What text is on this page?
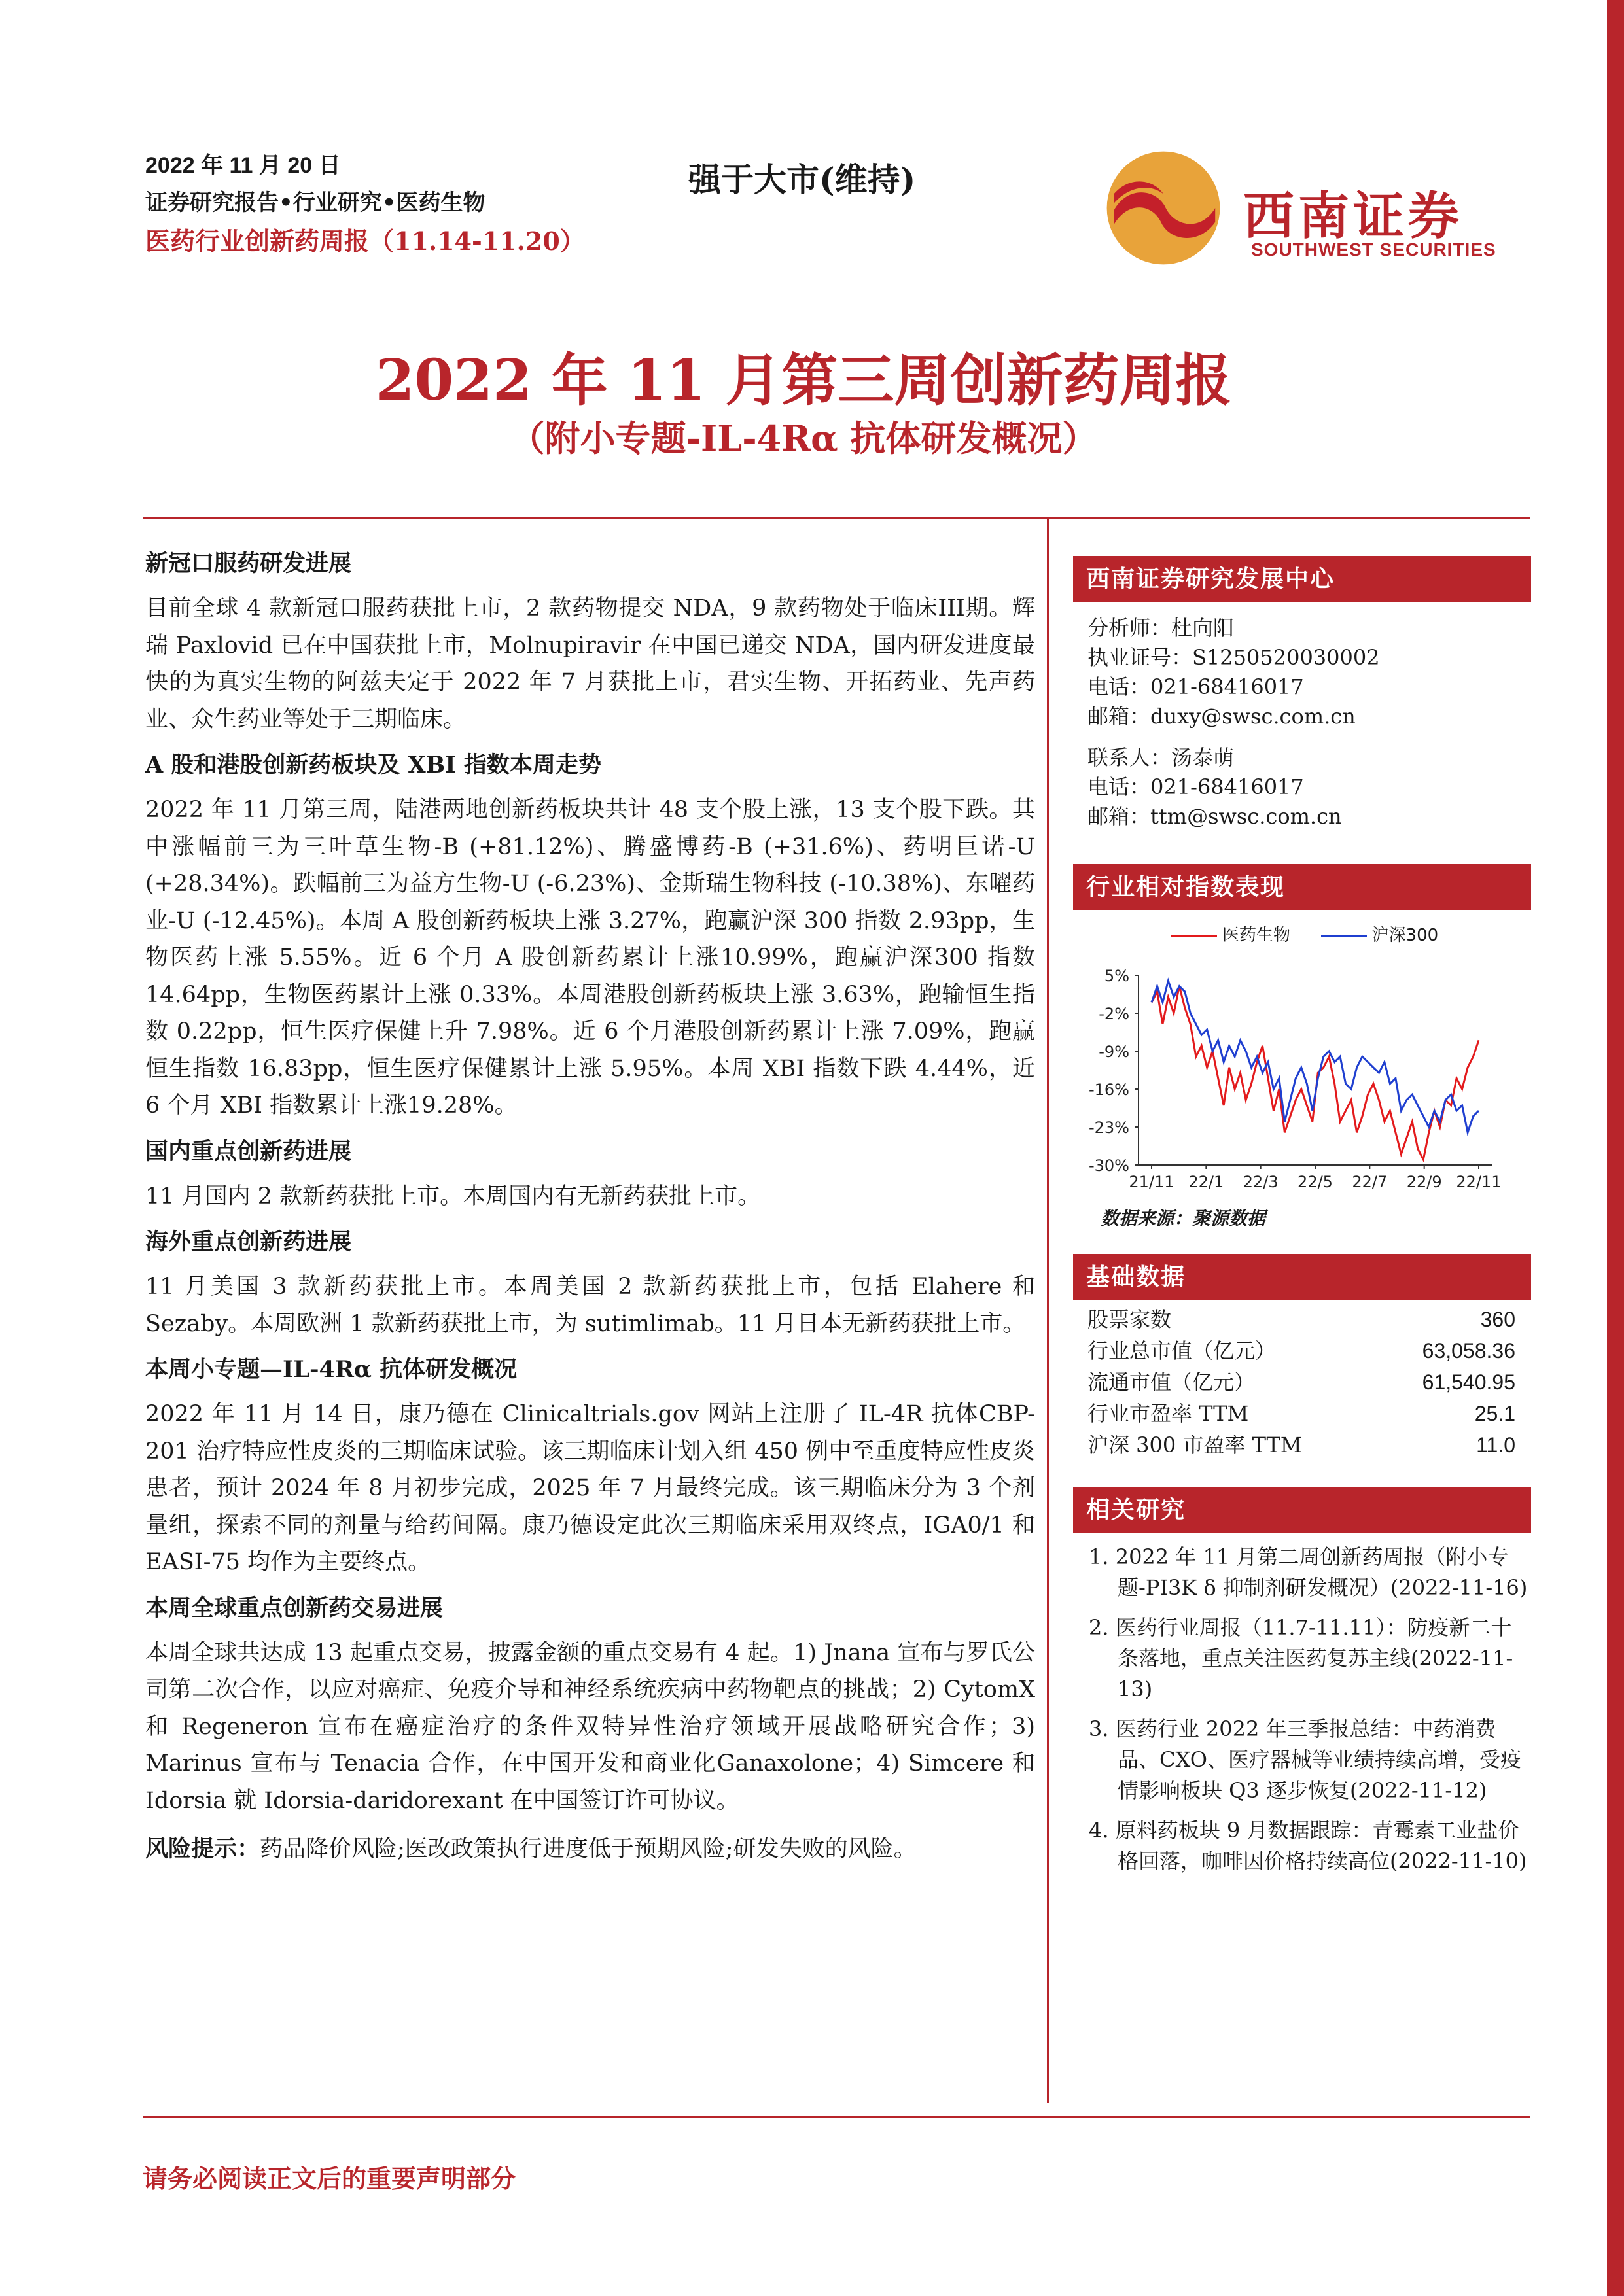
2022 年 11 月 20 日
证券研究报告•行业研究•医药生物
医药行业创新药周报（11.14-11.20）
强于大市(维持)
西南证券
SOUTHWEST SECURITIES
2022 年 11 月第三周创新药周报
（附小专题-IL-4Rα 抗体研发概况）
新冠口服药研发进展

目前全球 4 款新冠口服药获批上市，2 款药物提交 NDA，9 款药物处于临床III期。辉瑞 Paxlovid 已在中国获批上市，Molnupiravir 在中国已递交 NDA，国内研发进度最快的为真实生物的阿兹夫定于 2022 年 7 月获批上市，君实生物、开拓药业、先声药业、众生药业等处于三期临床。

A 股和港股创新药板块及 XBI 指数本周走势

2022 年 11 月第三周，陆港两地创新药板块共计 48 支个股上涨，13 支个股下跌。其中涨幅前三为三叶草生物-B (+81.12%)、腾盛博药-B (+31.6%)、药明巨诺-U (+28.34%)。跌幅前三为益方生物-U (-6.23%)、金斯瑞生物科技 (-10.38%)、东曜药业-U (-12.45%)。本周 A 股创新药板块上涨 3.27%，跑赢沪深 300 指数 2.93pp，生物医药上涨 5.55%。近 6 个月 A 股创新药累计上涨10.99%，跑赢沪深300 指数 14.64pp，生物医药累计上涨 0.33%。本周港股创新药板块上涨 3.63%，跑输恒生指数 0.22pp，恒生医疗保健上升 7.98%。近 6 个月港股创新药累计上涨 7.09%，跑赢恒生指数 16.83pp，恒生医疗保健累计上涨 5.95%。本周 XBI 指数下跌 4.44%，近 6 个月 XBI 指数累计上涨19.28%。

国内重点创新药进展

11 月国内 2 款新药获批上市。本周国内有无新药获批上市。

海外重点创新药进展

11 月美国 3 款新药获批上市。本周美国 2 款新药获批上市，包括 Elahere 和 Sezaby。本周欧洲 1 款新药获批上市，为 sutimlimab。11 月日本无新药获批上市。

本周小专题—IL-4Rα 抗体研发概况

2022 年 11 月 14 日，康乃德在 Clinicaltrials.gov 网站上注册了 IL-4R 抗体CBP-201 治疗特应性皮炎的三期临床试验。该三期临床计划入组 450 例中至重度特应性皮炎患者，预计 2024 年 8 月初步完成，2025 年 7 月最终完成。该三期临床分为 3 个剂量组，探索不同的剂量与给药间隔。康乃德设定此次三期临床采用双终点，IGA0/1 和 EASI-75 均作为主要终点。

本周全球重点创新药交易进展

本周全球共达成 13 起重点交易，披露金额的重点交易有 4 起。1) Jnana 宣布与罗氏公司第二次合作，以应对癌症、免疫介导和神经系统疾病中药物靶点的挑战；2) CytomX 和 Regeneron 宣布在癌症治疗的条件双特异性治疗领域开展战略研究合作；3) Marinus 宣布与 Tenacia 合作，在中国开发和商业化Ganaxolone；4) Simcere 和 Idorsia 就 Idorsia-daridorexant 在中国签订许可协议。

风险提示：药品降价风险;医改政策执行进度低于预期风险;研发失败的风险。
西南证券研究发展中心
分析师：杜向阳
执业证号：S1250520030002
电话：021-68416017
邮箱：duxy@swsc.com.cn
联系人：汤泰萌
电话：021-68416017
邮箱：ttm@swsc.com.cn
行业相对指数表现
医药生物	沪深300
5%
-2%
-9%
-16%
-23%
-30%
21/11 22/1 22/3 22/5 22/7 22/9 22/11
数据来源：聚源数据
基础数据
股票家数	360
行业总市值（亿元）	63,058.36
流通市值（亿元）	61,540.95
行业市盈率 TTM	25.1
沪深 300 市盈率 TTM	11.0
相关研究
1. 2022 年 11 月第二周创新药周报（附小专题-PI3K δ 抑制剂研发概况）(2022-11-16)
2. 医药行业周报（11.7-11.11）：防疫新二十条落地，重点关注医药复苏主线(2022-11-13)
3. 医药行业 2022 年三季报总结：中药消费品、CXO、医疗器械等业绩持续高增，受疫情影响板块 Q3 逐步恢复(2022-11-12)
4. 原料药板块 9 月数据跟踪：青霉素工业盐价格回落，咖啡因价格持续高位(2022-11-10)
请务必阅读正文后的重要声明部分
